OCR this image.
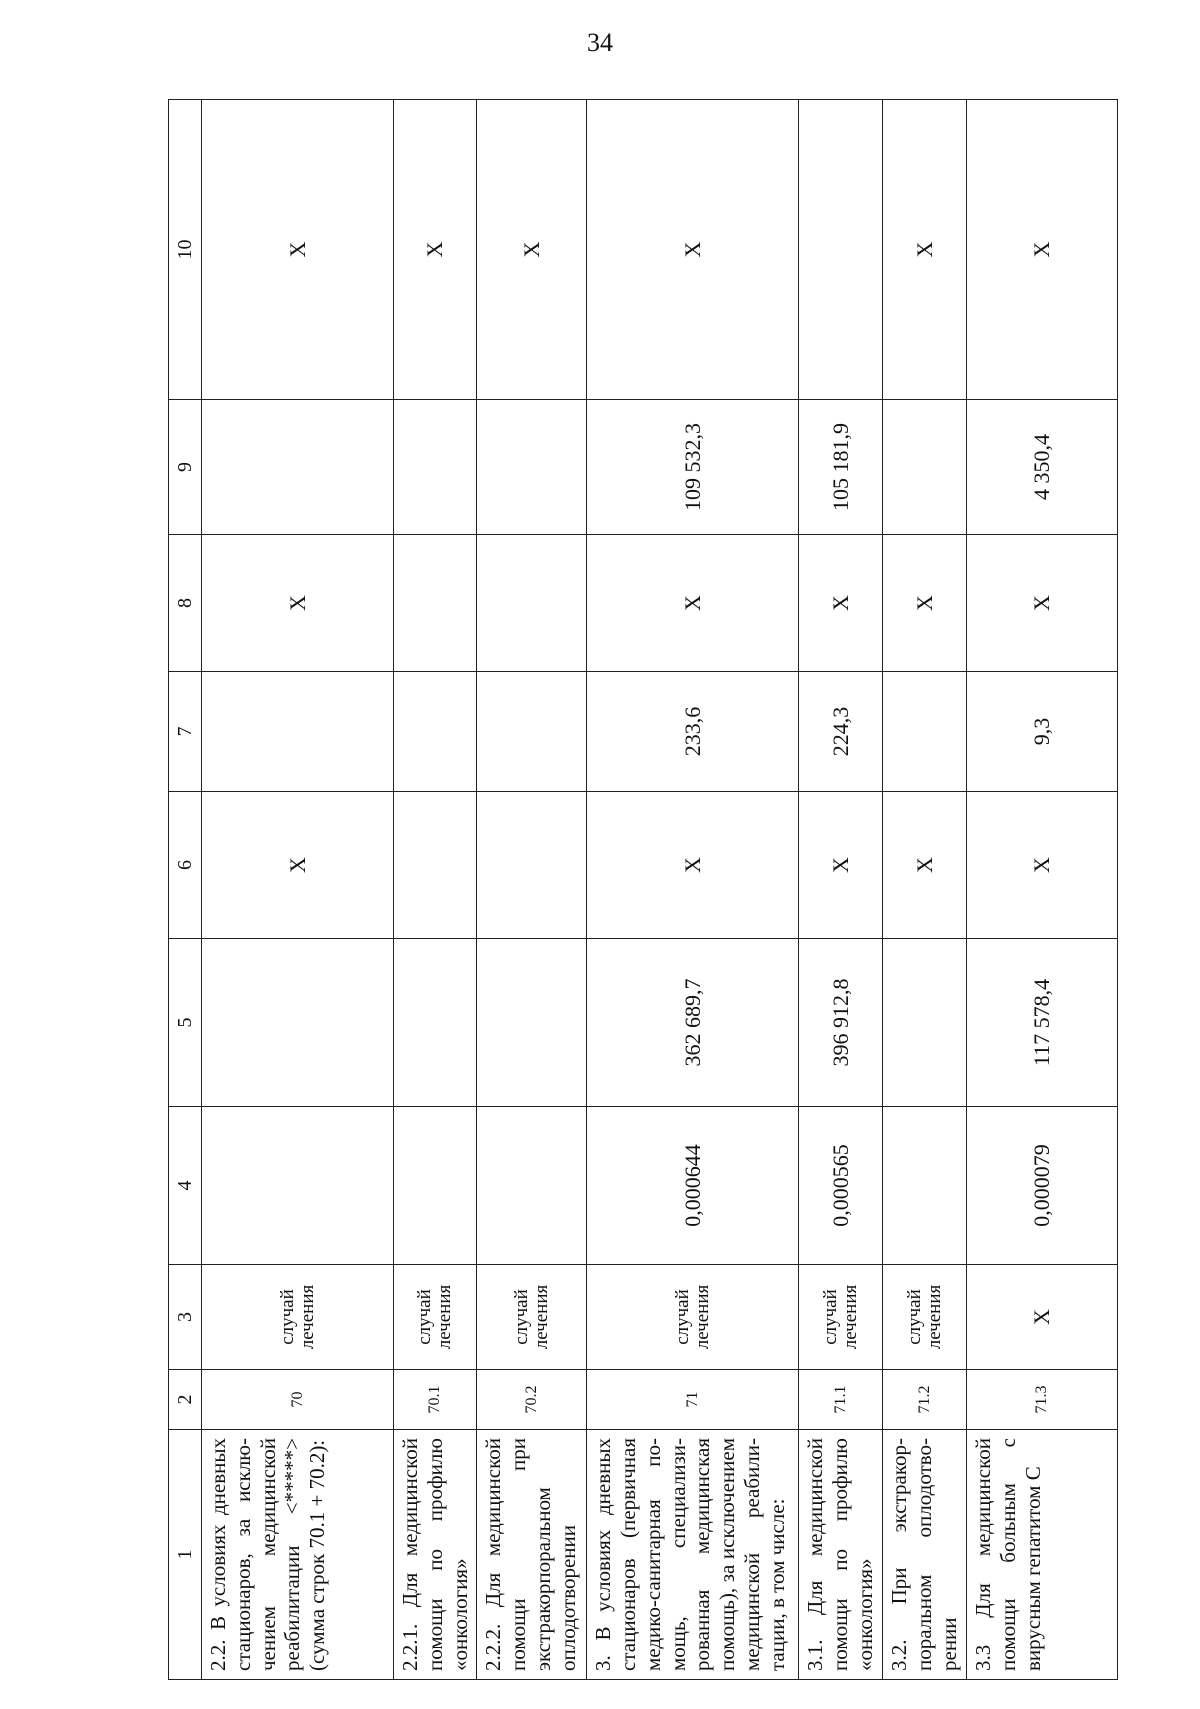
34
1	2	3	4	5	6	7	8	9	10
2.2. В условиях дневных стационаров, за исклю-чением медицинской реабилитации <*****> (сумма строк 70.1 + 70.2):	70	случай лечения			X		X		X
2.2.1. Для медицинской помощи по профилю «онкология»	70.1	случай лечения							X
2.2.2. Для медицинской помощи при экстракорпоральном оплодотворении	70.2	случай лечения							X
3. В условиях дневных стационаров (первичная медико-санитарная по-мощь, специализи-рованная медицинская помощь), за исключением медицинской реабили-тации, в том числе:	71	случай лечения	0,000644	362 689,7	X	233,6	X	109 532,3	X
3.1. Для медицинской помощи по профилю «онкология»	71.1	случай лечения	0,000565	396 912,8	X	224,3	X	105 181,9	
3.2. При экстракор-поральном оплодотво-рении	71.2	случай лечения			X		X		X
3.3 Для медицинской помощи больным с вирусным гепатитом С	71.3	X	0,000079	117 578,4	X	9,3	X	4 350,4	X
